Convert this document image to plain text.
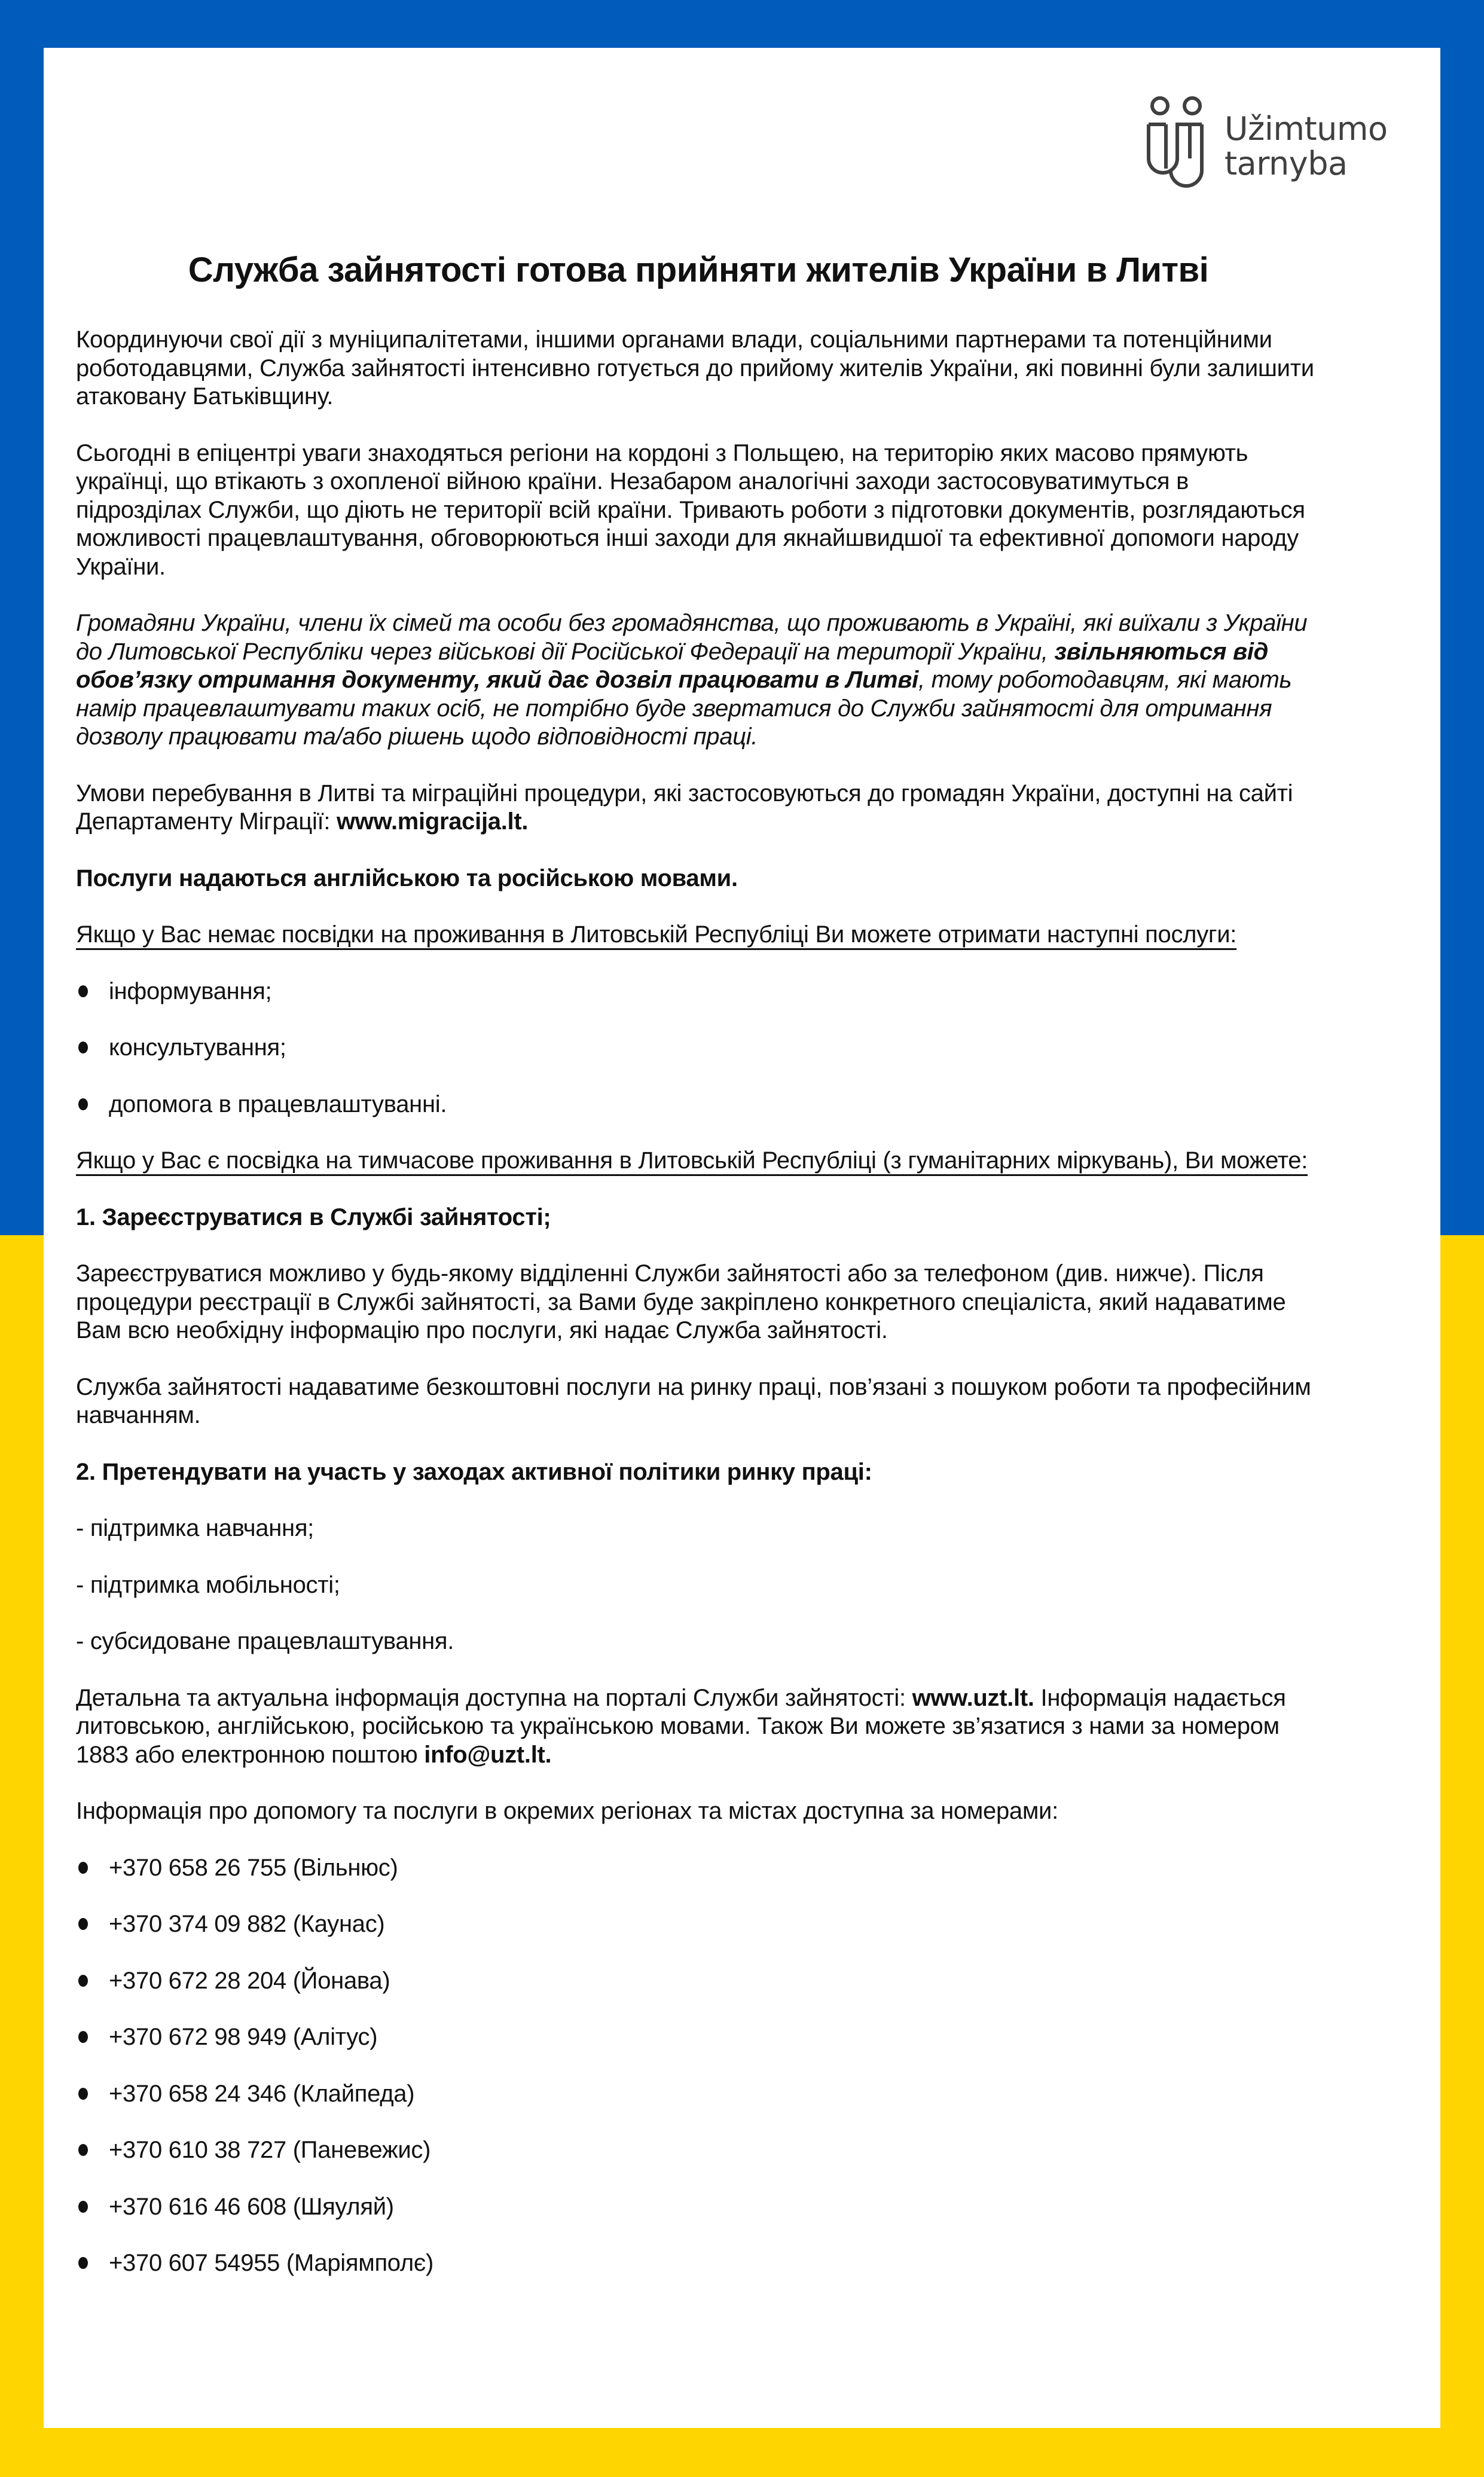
Užimtumo
tarnyba
Служба зайнятості готова прийняти жителів України в Литві

Координуючи свої дії з муніципалітетами, іншими органами влади, соціальними партнерами та потенційними роботодавцями, Служба зайнятості інтенсивно готується до прийому жителів України, які повинні були залишити атаковану Батьківщину.

Сьогодні в епіцентрі уваги знаходяться регіони на кордоні з Польщею, на територію яких масово прямують українці, що втікають з охопленої війною країни. Незабаром аналогічні заходи застосовуватимуться в підрозділах Служби, що діють не території всій країни. Тривають роботи з підготовки документів, розглядаються можливості працевлаштування, обговорюються інші заходи для якнайшвидшої та ефективної допомоги народу України.

Громадяни України, члени їх сімей та особи без громадянства, що проживають в Україні, які виїхали з України до Литовської Республіки через військові дії Російської Федерації на території України, звільняються від обов’язку отримання документу, який дає дозвіл працювати в Литві, тому роботодавцям, які мають намір працевлаштувати таких осіб, не потрібно буде звертатися до Служби зайнятості для отримання дозволу працювати та/або рішень щодо відповідності праці.

Умови перебування в Литві та міграційні процедури, які застосовуються до громадян України, доступні на сайті Департаменту Міграції: www.migracija.lt.

Послуги надаються англійською та російською мовами.

Якщо у Вас немає посвідки на проживання в Литовській Республіці Ви можете отримати наступні послуги:

інформування;
консультування;
допомога в працевлаштуванні.

Якщо у Вас є посвідка на тимчасове проживання в Литовській Республіці (з гуманітарних міркувань), Ви можете:

1. Зареєструватися в Службі зайнятості;

Зареєструватися можливо у будь-якому відділенні Служби зайнятості або за телефоном (див. нижче). Після процедури реєстрації в Службі зайнятості, за Вами буде закріплено конкретного спеціаліста, який надаватиме Вам всю необхідну інформацію про послуги, які надає Служба зайнятості.

Служба зайнятості надаватиме безкоштовні послуги на ринку праці, пов’язані з пошуком роботи та професійним навчанням.

2. Претендувати на участь у заходах активної політики ринку праці:

- підтримка навчання;

- підтримка мобільності;

- субсидоване працевлаштування.

Детальна та актуальна інформація доступна на порталі Служби зайнятості: www.uzt.lt. Інформація надається литовською, англійською, російською та українською мовами. Також Ви можете зв’язатися з нами за номером 1883 або електронною поштою info@uzt.lt.

Інформація про допомогу та послуги в окремих регіонах та містах доступна за номерами:

+370 658 26 755 (Вільнюс)
+370 374 09 882 (Каунас)
+370 672 28 204 (Йонава)
+370 672 98 949 (Алітус)
+370 658 24 346 (Клайпеда)
+370 610 38 727 (Паневежис)
+370 616 46 608 (Шяуляй)
+370 607 54955 (Маріямполє)
